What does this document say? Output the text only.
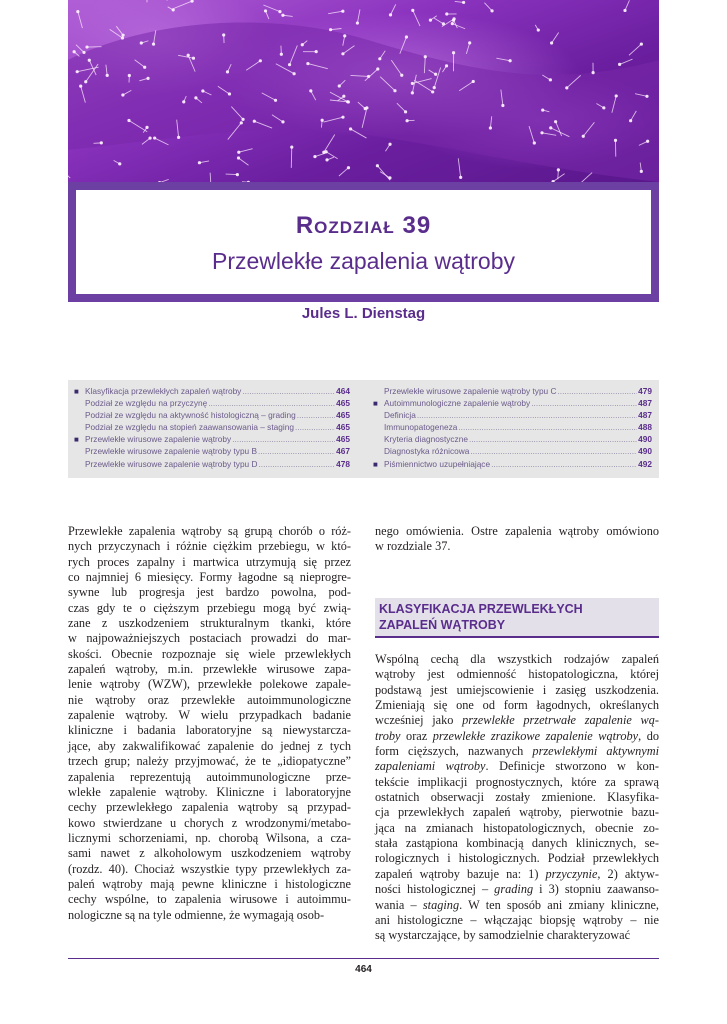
Rozdział 39
Przewlekłe zapalenia wątroby
Jules L. Dienstag
■ Klasyfikacja przewlekłych zapaleń wątroby .....	464
Podział ze względu na przyczynę .....	465
Podział ze względu na aktywność histologiczną – grading .....	465
Podział ze względu na stopień zaawansowania – staging .....	465
■ Przewlekłe wirusowe zapalenie wątroby .....	465
Przewlekłe wirusowe zapalenie wątroby typu B .....	467
Przewlekłe wirusowe zapalenie wątroby typu D .....	478
Przewlekłe wirusowe zapalenie wątroby typu C .....	479
■ Autoimmunologiczne zapalenie wątroby .....	487
Definicja .....	487
Immunopatogeneza .....	488
Kryteria diagnostyczne .....	490
Diagnostyka różnicowa .....	490
■ Piśmiennictwo uzupełniające .....	492
Przewlekłe zapalenia wątroby są grupą chorób o róż-
nych przyczynach i różnie ciężkim przebiegu, w któ-
rych proces zapalny i martwica utrzymują się przez
co najmniej 6 miesięcy. Formy łagodne są nieprogre-
sywne lub progresja jest bardzo powolna, pod-
czas gdy te o cięższym przebiegu mogą być zwią-
zane z uszkodzeniem strukturalnym tkanki, które
w najpoważniejszych postaciach prowadzi do mar-
skości. Obecnie rozpoznaje się wiele przewlekłych
zapaleń wątroby, m.in. przewlekłe wirusowe zapa-
lenie wątroby (WZW), przewlekłe polekowe zapale-
nie wątroby oraz przewlekłe autoimmunologiczne
zapalenie wątroby. W wielu przypadkach badanie
kliniczne i badania laboratoryjne są niewystarcza-
jące, aby zakwalifikować zapalenie do jednej z tych
trzech grup; należy przyjmować, że te „idiopatyczne”
zapalenia reprezentują autoimmunologiczne prze-
wlekłe zapalenie wątroby. Kliniczne i laboratoryjne
cechy przewlekłego zapalenia wątroby są przypad-
kowo stwierdzane u chorych z wrodzonymi/metabo-
licznymi schorzeniami, np. chorobą Wilsona, a cza-
sami nawet z alkoholowym uszkodzeniem wątroby
(rozdz. 40). Chociaż wszystkie typy przewlekłych za-
paleń wątroby mają pewne kliniczne i histologiczne
cechy wspólne, to zapalenia wirusowe i autoimmu-
nologiczne są na tyle odmienne, że wymagają osob-
nego omówienia. Ostre zapalenia wątroby omówiono
w rozdziale 37.
KLASYFIKACJA PRZEWLEKŁYCH
ZAPALEŃ WĄTROBY
Wspólną cechą dla wszystkich rodzajów zapaleń
wątroby jest odmienność histopatologiczna, której
podstawą jest umiejscowienie i zasięg uszkodzenia.
Zmieniają się one od form łagodnych, określanych
wcześniej jako przewlekłe przetrwałe zapalenie wą-
troby oraz przewlekłe zrazikowe zapalenie wątroby, do
form cięższych, nazwanych przewlekłymi aktywnymi
zapaleniami wątroby. Definicje stworzono w kon-
tekście implikacji prognostycznych, które za sprawą
ostatnich obserwacji zostały zmienione. Klasyfika-
cja przewlekłych zapaleń wątroby, pierwotnie bazu-
jąca na zmianach histopatologicznych, obecnie zo-
stała zastąpiona kombinacją danych klinicznych, se-
rologicznych i histologicznych. Podział przewlekłych
zapaleń wątroby bazuje na: 1) przyczynie, 2) aktyw-
ności histologicznej – grading i 3) stopniu zaawanso-
wania – staging. W ten sposób ani zmiany kliniczne,
ani histologiczne – włączając biopsję wątroby – nie
są wystarczające, by samodzielnie charakteryzować
464
